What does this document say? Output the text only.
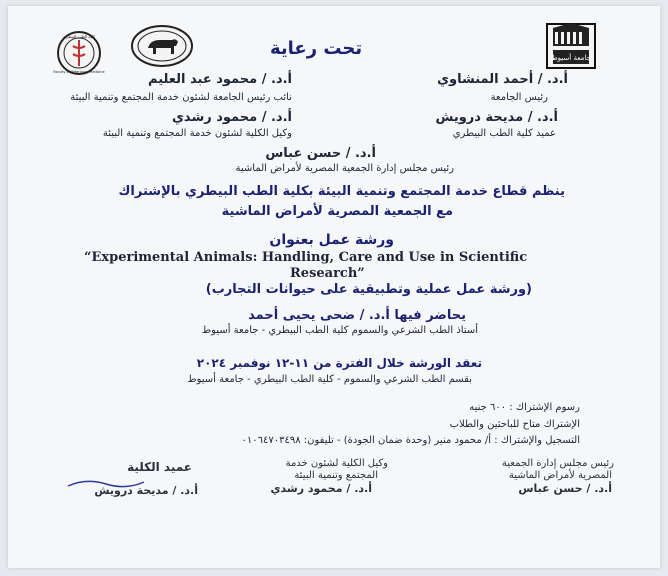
جامعة أسيوط
كلية الطب البيطري
Faculty of Veterinary Medicine
تحت رعاية
أ.د. / أحمد المنشاوي
رئيس الجامعة
أ.د. / مديحة درويش
عميد كلية الطب البيطري
أ.د. / محمود عبد العليم
نائب رئيس الجامعة لشئون خدمة المجتمع وتنمية البيئة
أ.د. / محمود رشدي
وكيل الكلية لشئون خدمة المجتمع وتنمية البيئة
أ.د. / حسن عباس
رئيس مجلس إدارة الجمعية المصرية لأمراض الماشية
ينظم قطاع خدمة المجتمع وتنمية البيئة بكلية الطب البيطري بالإشتراك
مع الجمعية المصرية لأمراض الماشية
ورشة عمل بعنوان
“Experimental Animals: Handling, Care and Use in Scientific
Research”
(ورشة عمل عملية وتطبيقية على حيوانات التجارب)
يحاضر فيها أ.د. / ضحى يحيى أحمد
أستاذ الطب الشرعي والسموم كلية الطب البيطري - جامعة أسيوط
تعقد الورشة خلال الفترة من ١١-١٢ نوفمبر ٢٠٢٤
بقسم الطب الشرعي والسموم - كلية الطب البيطري - جامعة أسيوط
رسوم الإشتراك : ٦٠٠ جنيه
الإشتراك متاح للباحثين والطلاب
التسجيل والإشتراك : أ/ محمود منير (وحدة ضمان الجودة) - تليفون: ٠١٠٦٤٧٠٣٤٩٨
رئيس مجلس إدارة الجمعية
المصرية لأمراض الماشية
أ.د. / حسن عباس
وكيل الكلية لشئون خدمة
المجتمع وتنمية البيئة
أ.د. / محمود رشدي
عميد الكلية
أ.د. / مديحة درويش
